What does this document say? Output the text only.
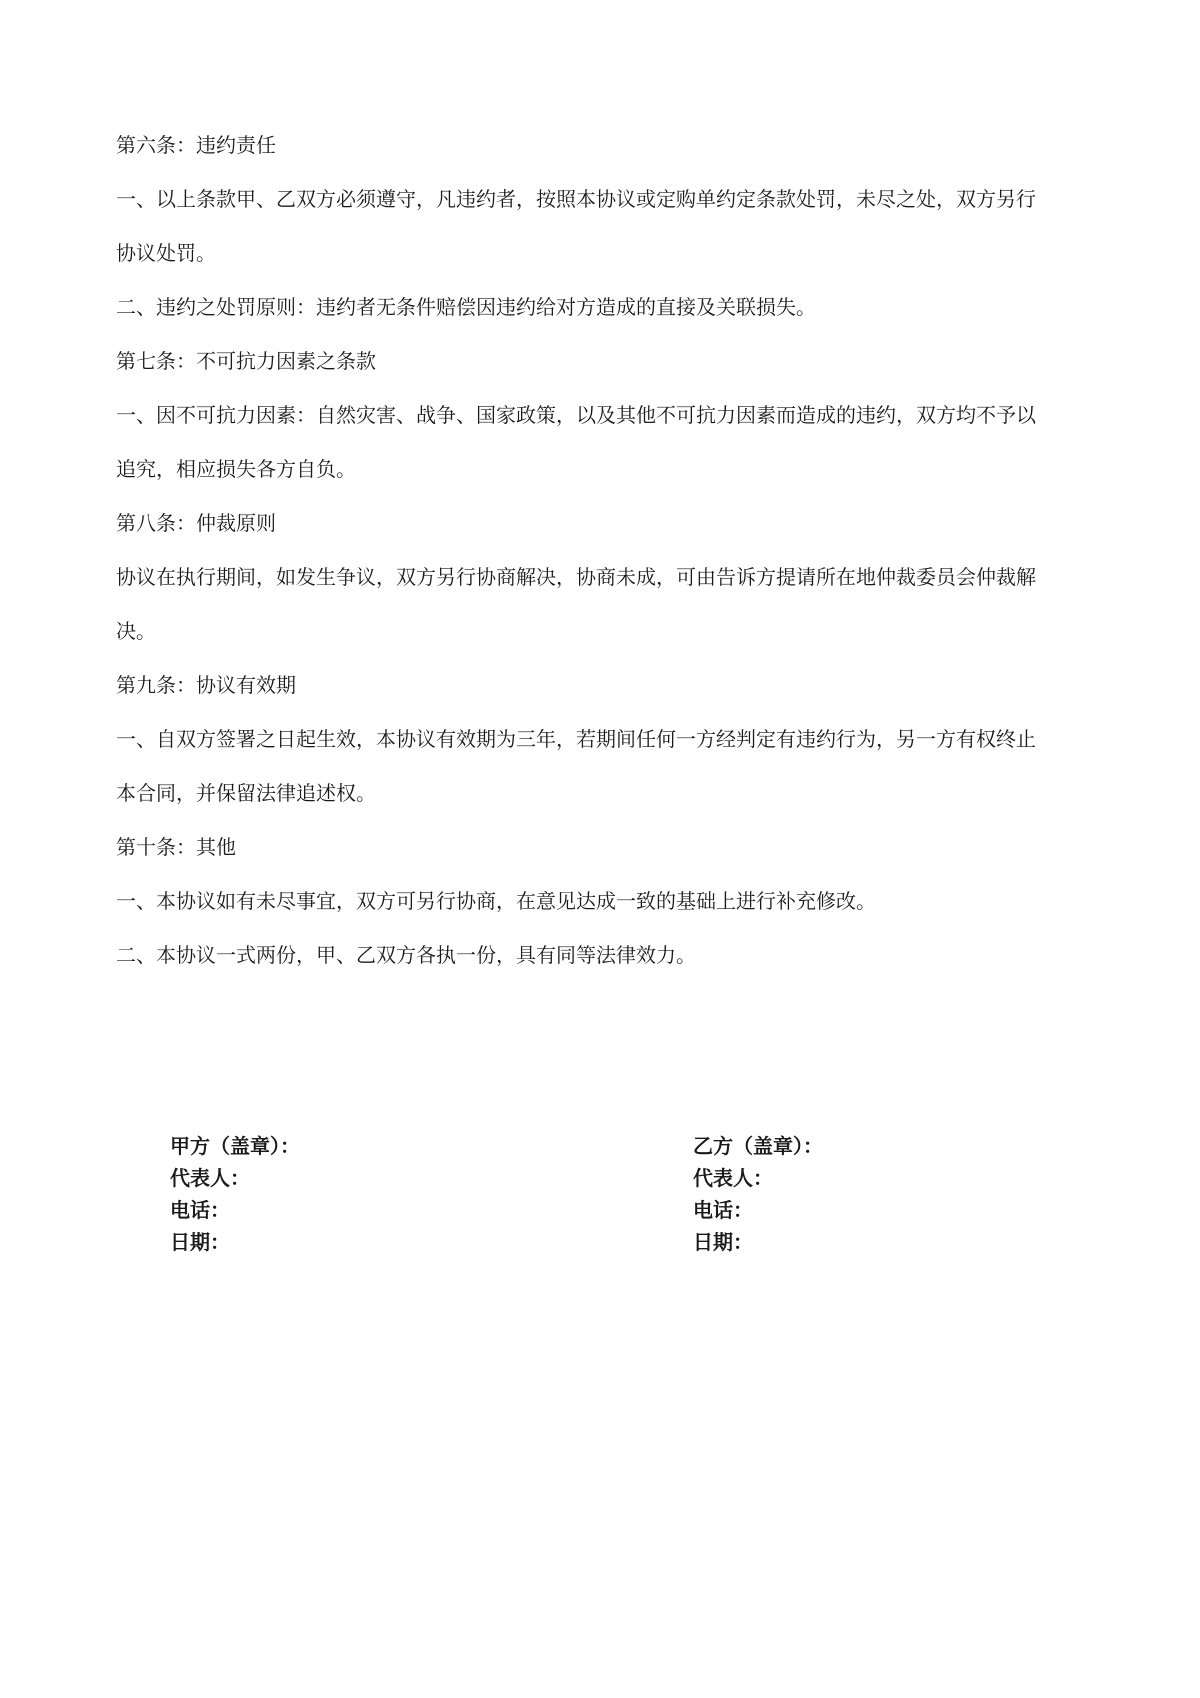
第六条：违约责任

一、以上条款甲、乙双方必须遵守，凡违约者，按照本协议或定购单约定条款处罚，未尽之处，双方另行

协议处罚。

二、违约之处罚原则：违约者无条件赔偿因违约给对方造成的直接及关联损失。

第七条：不可抗力因素之条款

一、因不可抗力因素：自然灾害、战争、国家政策，以及其他不可抗力因素而造成的违约，双方均不予以

追究，相应损失各方自负。

第八条：仲裁原则

协议在执行期间，如发生争议，双方另行协商解决，协商未成，可由告诉方提请所在地仲裁委员会仲裁解

决。

第九条：协议有效期

一、自双方签署之日起生效，本协议有效期为三年，若期间任何一方经判定有违约行为，另一方有权终止

本合同，并保留法律追述权。

第十条：其他

一、本协议如有未尽事宜，双方可另行协商，在意见达成一致的基础上进行补充修改。

二、本协议一式两份，甲、乙双方各执一份，具有同等法律效力。

甲方（盖章）：

代表人：

电话：

日期：

乙方（盖章）：

代表人：

电话：

日期：
